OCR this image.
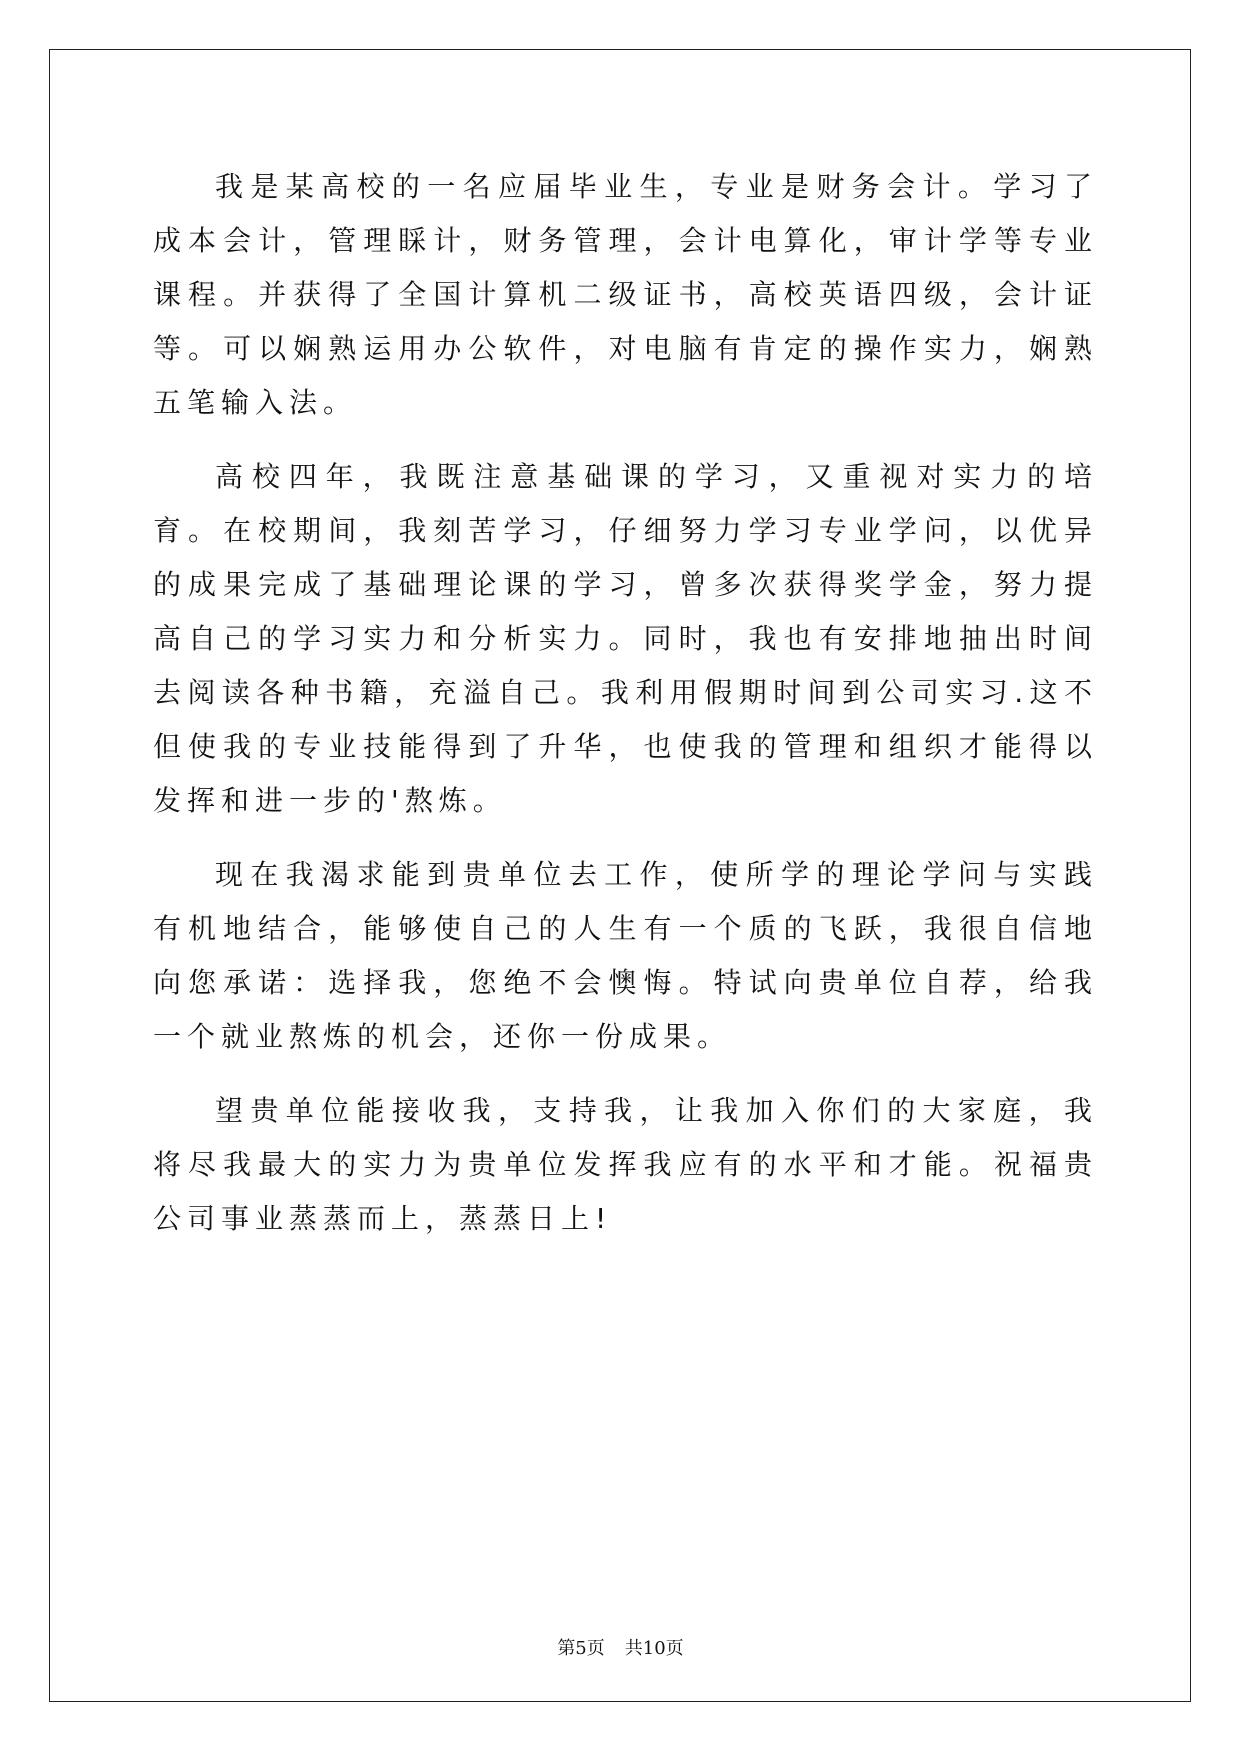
我是某高校的一名应届毕业生，专业是财务会计。学习了成本会计，管理睬计，财务管理，会计电算化，审计学等专业课程。并获得了全国计算机二级证书，高校英语四级，会计证等。可以娴熟运用办公软件，对电脑有肯定的操作实力，娴熟五笔输入法。

高校四年，我既注意基础课的学习，又重视对实力的培育。在校期间，我刻苦学习，仔细努力学习专业学问，以优异的成果完成了基础理论课的学习，曾多次获得奖学金，努力提高自己的学习实力和分析实力。同时，我也有安排地抽出时间去阅读各种书籍，充溢自己。我利用假期时间到公司实习.这不但使我的专业技能得到了升华，也使我的管理和组织才能得以发挥和进一步的'熬炼。

现在我渴求能到贵单位去工作，使所学的理论学问与实践有机地结合，能够使自己的人生有一个质的飞跃，我很自信地向您承诺：选择我，您绝不会懊悔。特试向贵单位自荐，给我一个就业熬炼的机会，还你一份成果。

望贵单位能接收我，支持我，让我加入你们的大家庭，我将尽我最大的实力为贵单位发挥我应有的水平和才能。祝福贵公司事业蒸蒸而上，蒸蒸日上!

第5页 共10页
